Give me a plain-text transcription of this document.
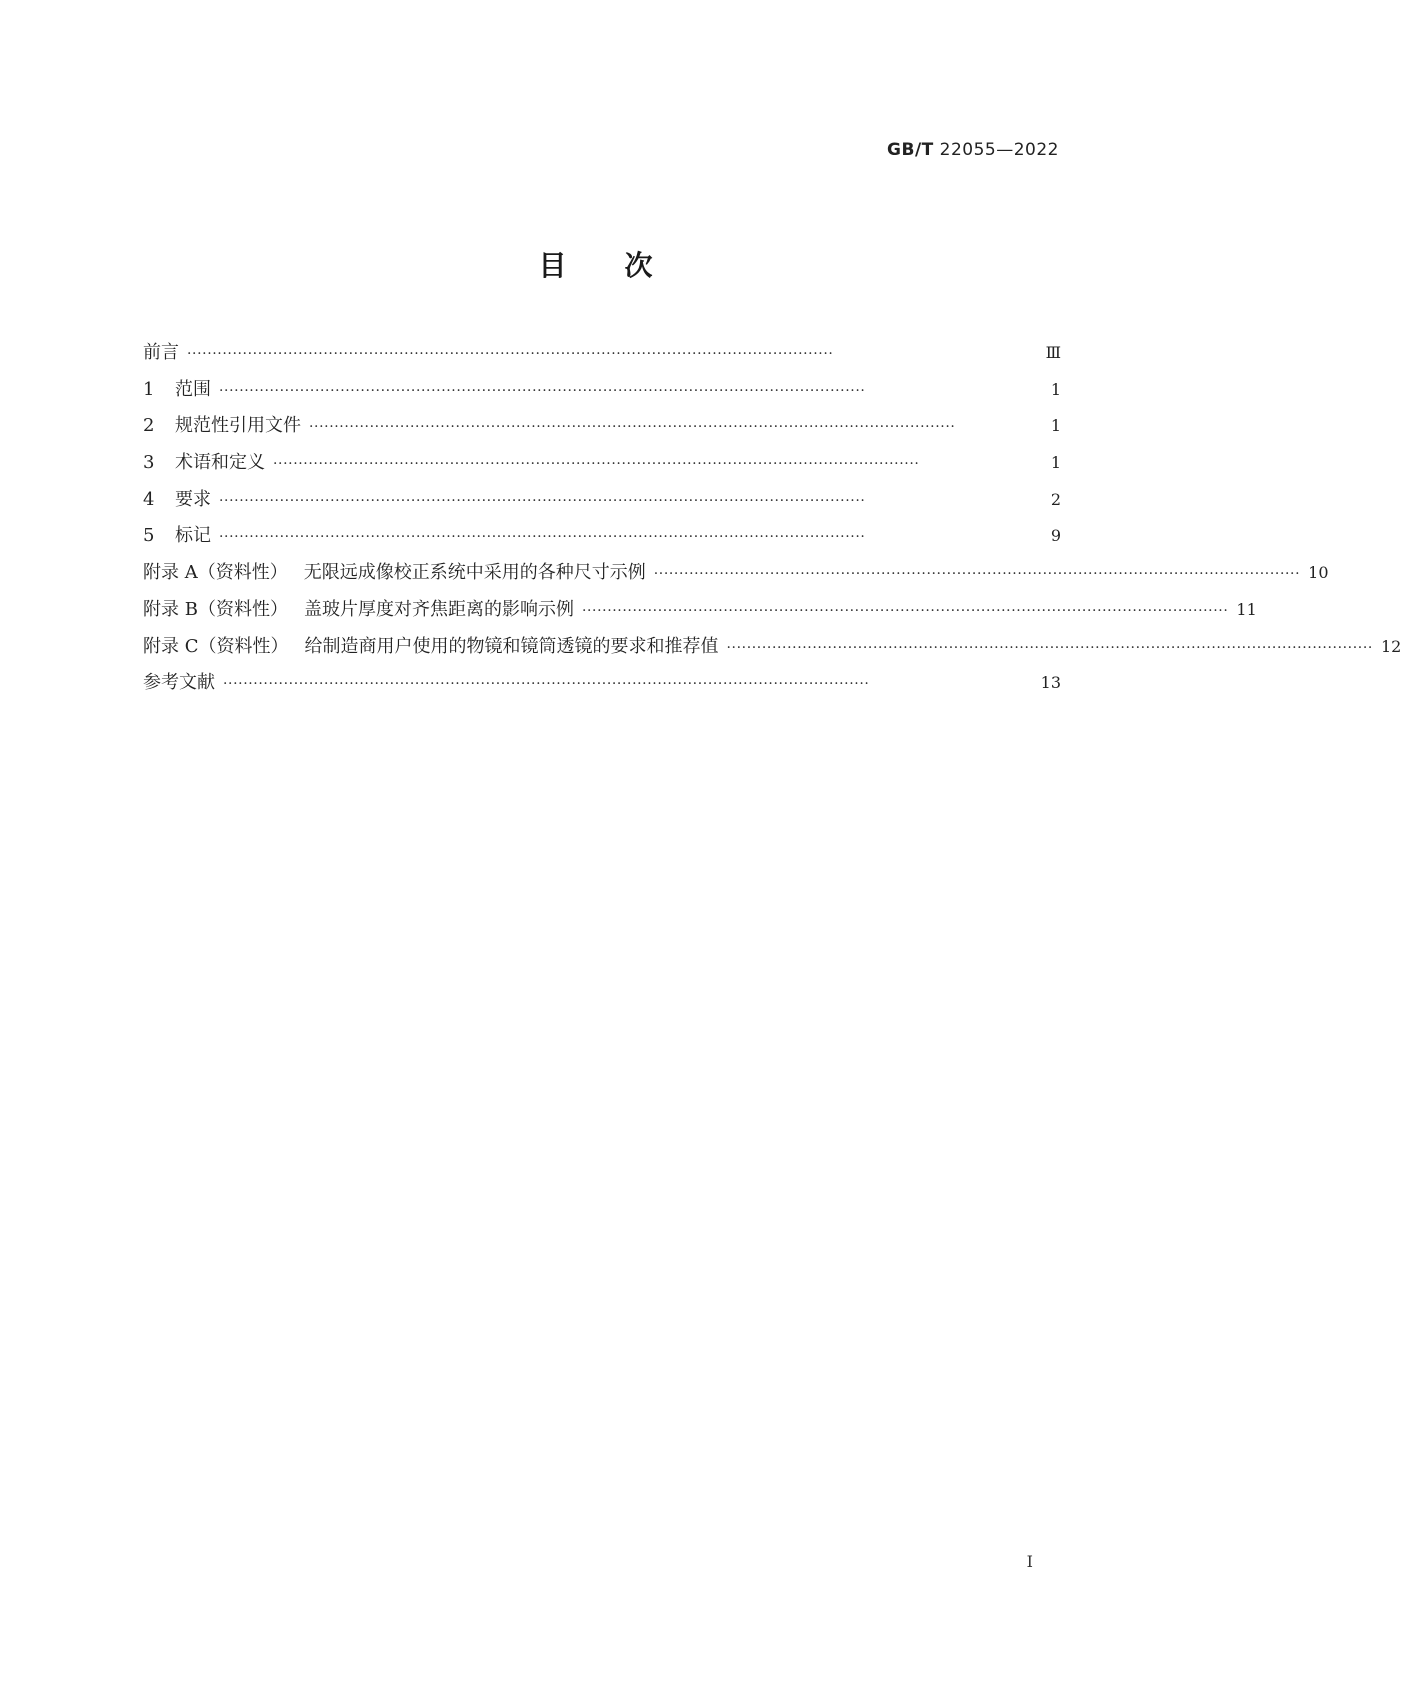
GB/T 22055—2022
目次
前言 ································································································································	Ⅲ
1 范围 ································································································································	1
2 规范性引用文件 ································································································································	1
3 术语和定义 ································································································································	1
4 要求 ································································································································	2
5 标记 ································································································································	9
附录 A（资料性） 无限远成像校正系统中采用的各种尺寸示例 ································································································································ 10
附录 B（资料性） 盖玻片厚度对齐焦距离的影响示例 ································································································································ 11
附录 C（资料性） 给制造商用户使用的物镜和镜筒透镜的要求和推荐值 ································································································································ 12
参考文献 ································································································································	13
I
